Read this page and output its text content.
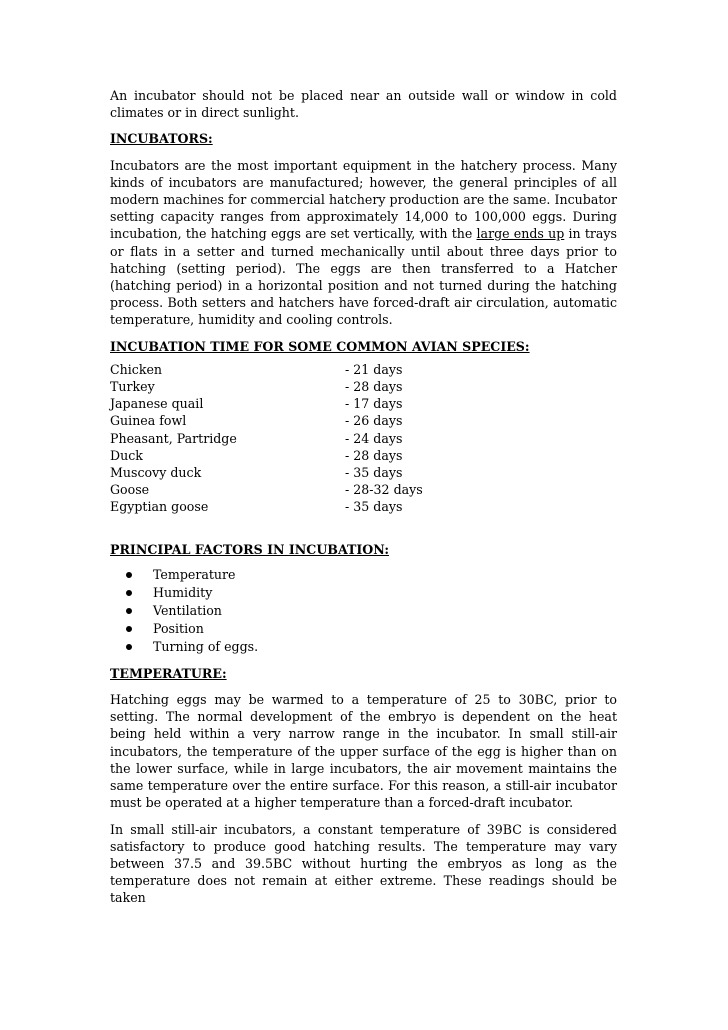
An incubator should not be placed near an outside wall or window in cold climates or in direct sunlight.

INCUBATORS:

Incubators are the most important equipment in the hatchery process. Many kinds of incubators are manufactured; however, the general principles of all modern machines for commercial hatchery production are the same. Incubator setting capacity ranges from approximately 14,000 to 100,000 eggs. During incubation, the hatching eggs are set vertically, with the large ends up in trays or flats in a setter and turned mechanically until about three days prior to hatching (setting period). The eggs are then transferred to a Hatcher (hatching period) in a horizontal position and not turned during the hatching process. Both setters and hatchers have forced-draft air circulation, automatic temperature, humidity and cooling controls.

INCUBATION TIME FOR SOME COMMON AVIAN SPECIES:
Chicken	- 21 days
Turkey	- 28 days
Japanese quail	- 17 days
Guinea fowl	- 26 days
Pheasant, Partridge	- 24 days
Duck	- 28 days
Muscovy duck	- 35 days
Goose	- 28-32 days
Egyptian goose	- 35 days
PRINCIPAL FACTORS IN INCUBATION:
Temperature
Humidity
Ventilation
Position
Turning of eggs.
TEMPERATURE:

Hatching eggs may be warmed to a temperature of 25 to 30BC, prior to setting. The normal development of the embryo is dependent on the heat being held within a very narrow range in the incubator. In small still-air incubators, the temperature of the upper surface of the egg is higher than on the lower surface, while in large incubators, the air movement maintains the same temperature over the entire surface. For this reason, a still-air incubator must be operated at a higher temperature than a forced-draft incubator.

In small still-air incubators, a constant temperature of 39BC is considered satisfactory to produce good hatching results. The temperature may vary between 37.5 and 39.5BC without hurting the embryos as long as the temperature does not remain at either extreme. These readings should be taken
